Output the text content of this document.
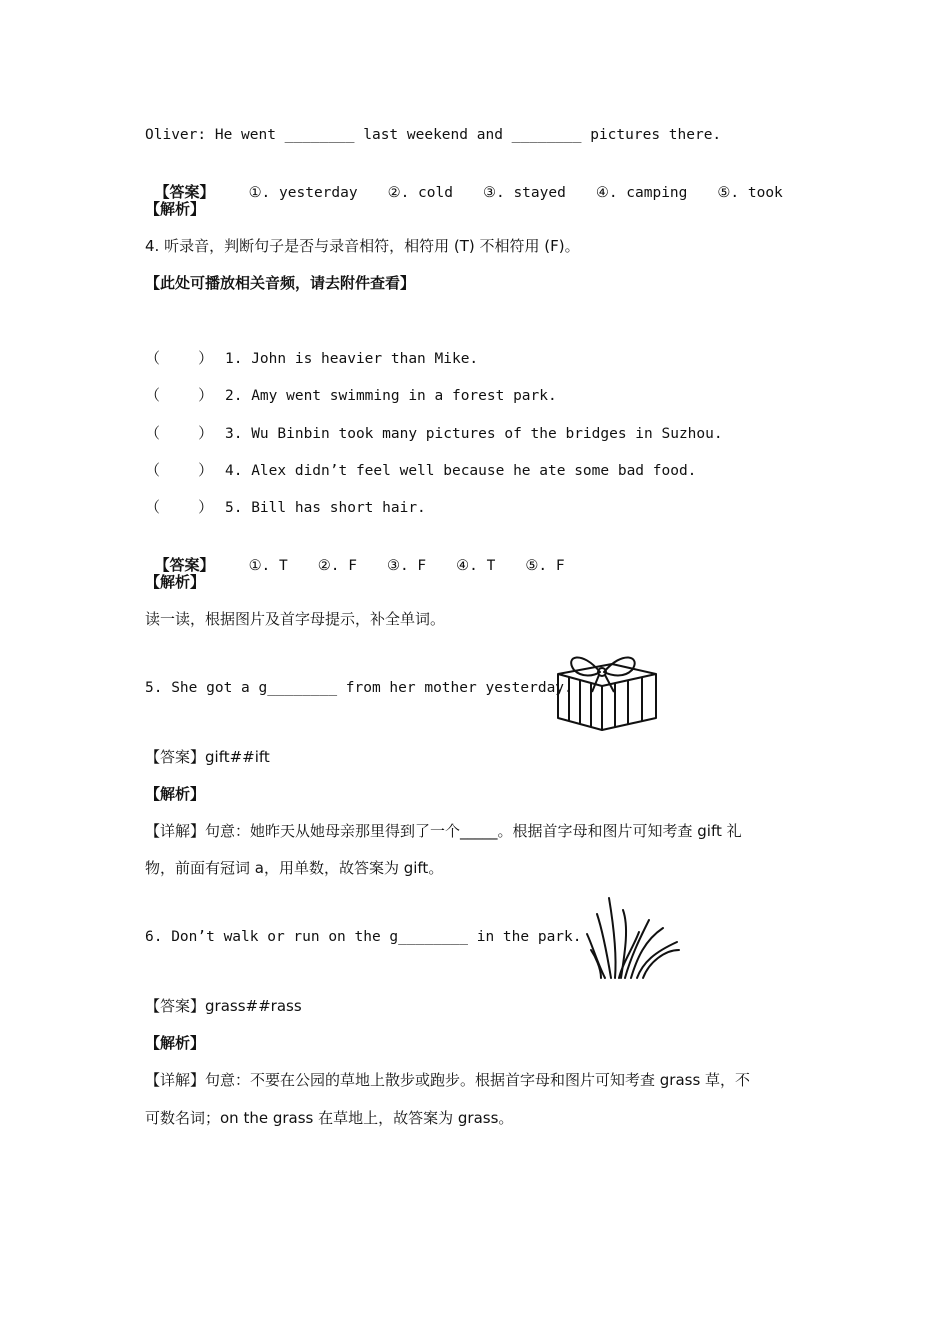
Oliver: He went ________ last weekend and ________ pictures there.

【答案】 ①. yesterday ②. cold ③. stayed ④. camping ⑤. took

【解析】
4. 听录音，判断句子是否与录音相符，相符用 (T) 不相符用 (F)。
【此处可播放相关音频，请去附件查看】
（        ） 1. John is heavier than Mike.
（        ） 2. Amy went swimming in a forest park.
（        ） 3. Wu Binbin took many pictures of the bridges in Suzhou.
（        ） 4. Alex didn’t feel well because he ate some bad food.
（        ） 5. Bill has short hair.

【答案】 ①. T ②. F ③. F ④. T ⑤. F

【解析】
读一读，根据图片及首字母提示，补全单词。
5. She got a g________ from her mother yesterday.
【答案】gift##ift
【解析】
【详解】句意：她昨天从她母亲那里得到了一个_____。根据首字母和图片可知考查 gift 礼
物，前面有冠词 a，用单数，故答案为 gift。
6. Don’t walk or run on the g________ in the park.
【答案】grass##rass
【解析】
【详解】句意：不要在公园的草地上散步或跑步。根据首字母和图片可知考查 grass 草，不
可数名词；on the grass 在草地上，故答案为 grass。
